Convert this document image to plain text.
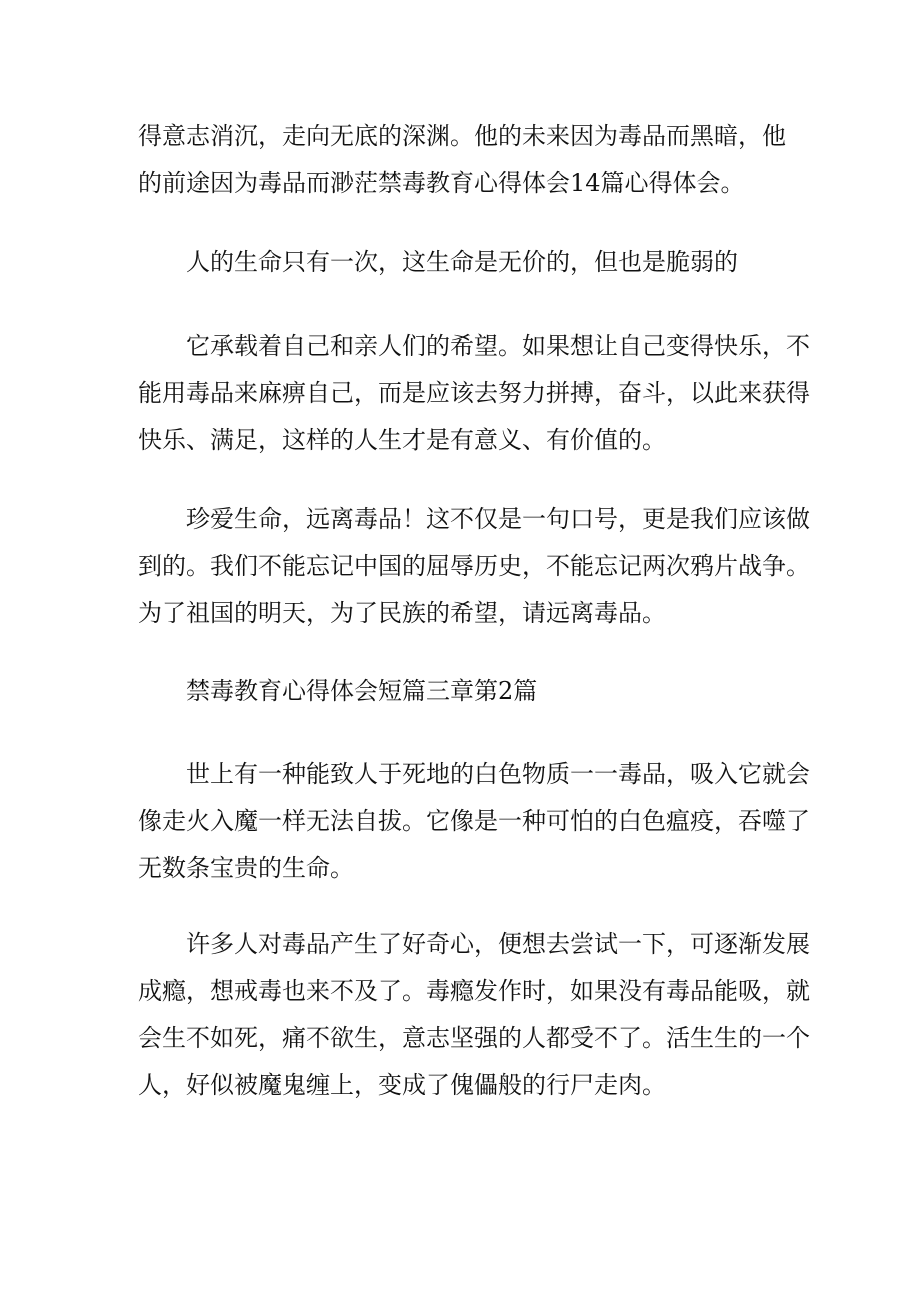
得意志消沉，走向无底的深渊。他的未来因为毒品而黑暗，他
的前途因为毒品而渺茫禁毒教育心得体会14篇心得体会。

人的生命只有一次，这生命是无价的，但也是脆弱的

它承载着自己和亲人们的希望。如果想让自己变得快乐，不
能用毒品来麻痹自己，而是应该去努力拼搏，奋斗，以此来获得
快乐、满足，这样的人生才是有意义、有价值的。

珍爱生命，远离毒品！这不仅是一句口号，更是我们应该做
到的。我们不能忘记中国的屈辱历史，不能忘记两次鸦片战争。
为了祖国的明天，为了民族的希望，请远离毒品。

禁毒教育心得体会短篇三章第2篇

世上有一种能致人于死地的白色物质一一毒品，吸入它就会
像走火入魔一样无法自拔。它像是一种可怕的白色瘟疫，吞噬了
无数条宝贵的生命。

许多人对毒品产生了好奇心，便想去尝试一下，可逐渐发展
成瘾，想戒毒也来不及了。毒瘾发作时，如果没有毒品能吸，就
会生不如死，痛不欲生，意志坚强的人都受不了。活生生的一个
人，好似被魔鬼缠上，变成了傀儡般的行尸走肉。
